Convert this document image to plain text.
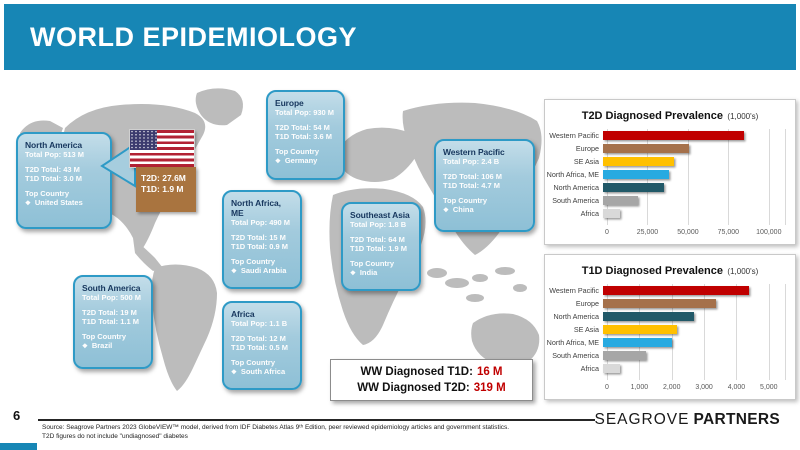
WORLD EPIDEMIOLOGY
North America
Total Pop: 513 M
T2D Total: 43 M
T1D Total: 3.0 M
Top Country
❖ United States
Europe
Total Pop: 930 M
T2D Total: 54 M
T1D Total: 3.6 M
Top Country
❖ Germany
Western Pacific
Total Pop: 2.4 B
T2D Total: 106 M
T1D Total: 4.7 M
Top Country
❖ China
North Africa, ME
Total Pop: 490 M
T2D Total: 15 M
T1D Total: 0.9 M
Top Country
❖ Saudi Arabia
Southeast Asia
Total Pop: 1.8 B
T2D Total: 64 M
T1D Total: 1.9 M
Top Country
❖ India
South America
Total Pop: 500 M
T2D Total: 19 M
T1D Total: 1.1 M
Top Country
❖ Brazil
Africa
Total Pop: 1.1 B
T2D Total: 12 M
T1D Total: 0.5 M
Top Country
❖ South Africa
T2D: 27.6M
T1D: 1.9 M
WW Diagnosed T1D: 16 M
WW Diagnosed T2D: 319 M
T2D Diagnosed Prevalence (1,000's)
Western Pacific
Europe
SE Asia
North Africa, ME
North America
South America
Africa
0	25,000	50,000	75,000 100,000
T1D Diagnosed Prevalence (1,000's)
Western Pacific
Europe
North America
SE Asia
North Africa, ME
South America
Africa
0	1,000 2,000 3,000 4,000 5,000
6
Source: Seagrove Partners 2023 GlobeVIEW™ model, derived from IDF Diabetes Atlas 9ᵗʰ Edition, peer reviewed epidemiology articles and government statistics.
T2D figures do not include "undiagnosed" diabetes
SEAGROVE PARTNERS
